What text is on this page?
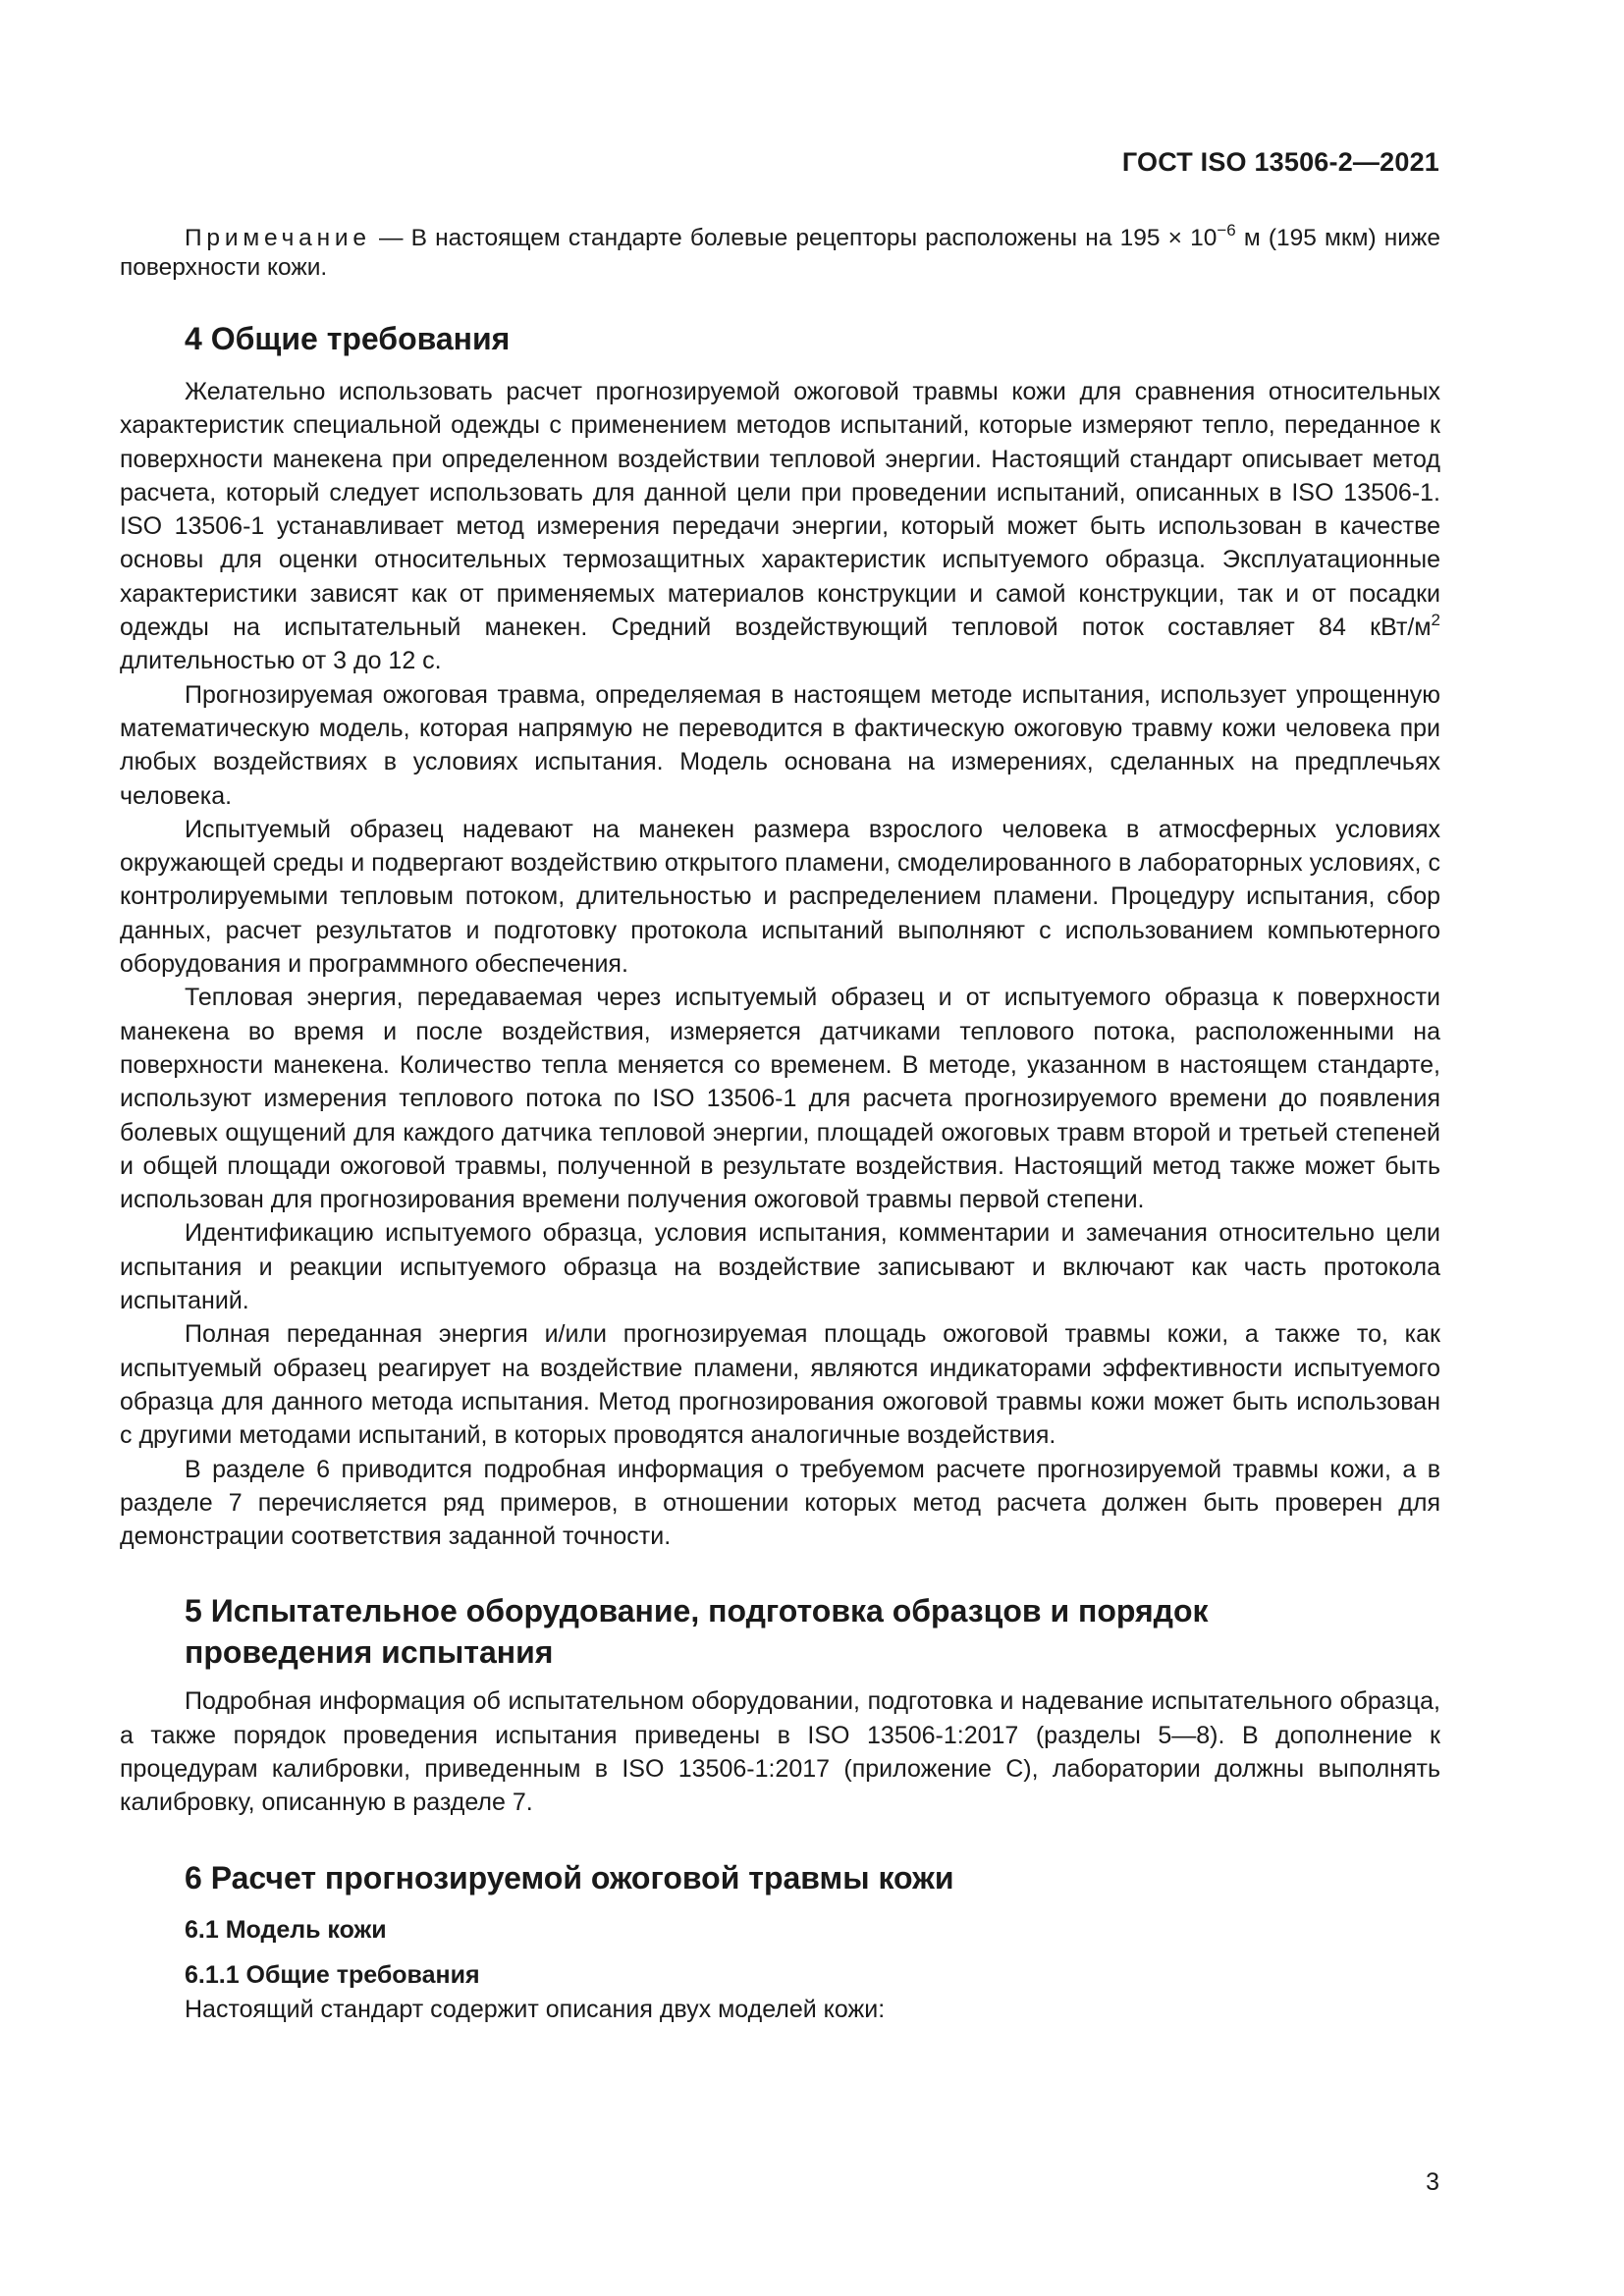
ГОСТ ISO 13506-2—2021

Примечание — В настоящем стандарте болевые рецепторы расположены на $195 \times 10^{-6}$ м (195 мкм) ниже поверхности кожи.

4 Общие требования

Желательно использовать расчет прогнозируемой ожоговой травмы кожи для сравнения относительных характеристик специальной одежды с применением методов испытаний, которые измеряют тепло, переданное к поверхности манекена при определенном воздействии тепловой энергии. Настоящий стандарт описывает метод расчета, который следует использовать для данной цели при проведении испытаний, описанных в ISO 13506-1. ISO 13506-1 устанавливает метод измерения передачи энергии, который может быть использован в качестве основы для оценки относительных термозащитных характеристик испытуемого образца. Эксплуатационные характеристики зависят как от применяемых материалов конструкции и самой конструкции, так и от посадки одежды на испытательный манекен. Средний воздействующий тепловой поток составляет 84 кВт/$м^2$ длительностью от 3 до 12 с.

Прогнозируемая ожоговая травма, определяемая в настоящем методе испытания, использует упрощенную математическую модель, которая напрямую не переводится в фактическую ожоговую травму кожи человека при любых воздействиях в условиях испытания. Модель основана на измерениях, сделанных на предплечьях человека.

Испытуемый образец надевают на манекен размера взрослого человека в атмосферных условиях окружающей среды и подвергают воздействию открытого пламени, смоделированного в лабораторных условиях, с контролируемыми тепловым потоком, длительностью и распределением пламени. Процедуру испытания, сбор данных, расчет результатов и подготовку протокола испытаний выполняют с использованием компьютерного оборудования и программного обеспечения.

Тепловая энергия, передаваемая через испытуемый образец и от испытуемого образца к поверхности манекена во время и после воздействия, измеряется датчиками теплового потока, расположенными на поверхности манекена. Количество тепла меняется со временем. В методе, указанном в настоящем стандарте, используют измерения теплового потока по ISO 13506-1 для расчета прогнозируемого времени до появления болевых ощущений для каждого датчика тепловой энергии, площадей ожоговых травм второй и третьей степеней и общей площади ожоговой травмы, полученной в результате воздействия. Настоящий метод также может быть использован для прогнозирования времени получения ожоговой травмы первой степени.

Идентификацию испытуемого образца, условия испытания, комментарии и замечания относительно цели испытания и реакции испытуемого образца на воздействие записывают и включают как часть протокола испытаний.

Полная переданная энергия и/или прогнозируемая площадь ожоговой травмы кожи, а также то, как испытуемый образец реагирует на воздействие пламени, являются индикаторами эффективности испытуемого образца для данного метода испытания. Метод прогнозирования ожоговой травмы кожи может быть использован с другими методами испытаний, в которых проводятся аналогичные воздействия.

В разделе 6 приводится подробная информация о требуемом расчете прогнозируемой травмы кожи, а в разделе 7 перечисляется ряд примеров, в отношении которых метод расчета должен быть проверен для демонстрации соответствия заданной точности.

5 Испытательное оборудование, подготовка образцов и порядок
проведения испытания

Подробная информация об испытательном оборудовании, подготовка и надевание испытательного образца, а также порядок проведения испытания приведены в ISO 13506-1:2017 (разделы 5—8). В дополнение к процедурам калибровки, приведенным в ISO 13506-1:2017 (приложение С), лаборатории должны выполнять калибровку, описанную в разделе 7.

6 Расчет прогнозируемой ожоговой травмы кожи
6.1 Модель кожи
6.1.1 Общие требования

Настоящий стандарт содержит описания двух моделей кожи:

3
